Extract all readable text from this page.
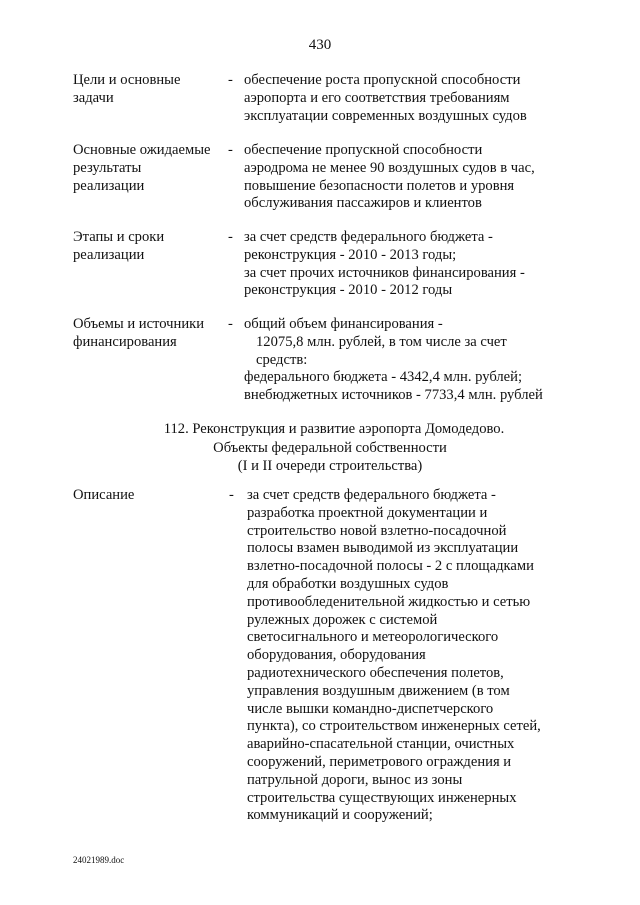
430
Цели и основные
задачи
- обеспечение роста пропускной способности
аэропорта и его соответствия требованиям
эксплуатации современных воздушных судов
Основные ожидаемые
результаты
реализации
- обеспечение пропускной способности
аэродрома не менее 90 воздушных судов в час,
повышение безопасности полетов и уровня
обслуживания пассажиров и клиентов
Этапы и сроки
реализации
- за счет средств федерального бюджета -
реконструкция - 2010 - 2013 годы;
за счет прочих источников финансирования -
реконструкция - 2010 - 2012 годы
Объемы и источники
финансирования
- общий объем финансирования -
12075,8 млн. рублей, в том числе за счет
средств:
федерального бюджета - 4342,4 млн. рублей;
внебюджетных источников - 7733,4 млн. рублей
112. Реконструкция и развитие аэропорта Домодедово.
Объекты федеральной собственности
(I и II очереди строительства)
Описание	- за счет средств федерального бюджета -
разработка проектной документации и
строительство новой взлетно-посадочной
полосы взамен выводимой из эксплуатации
взлетно-посадочной полосы - 2 с площадками
для обработки воздушных судов
противообледенительной жидкостью и сетью
рулежных дорожек с системой
светосигнального и метеорологического
оборудования, оборудования
радиотехнического обеспечения полетов,
управления воздушным движением (в том
числе вышки командно-диспетчерского
пункта), со строительством инженерных сетей,
аварийно-спасательной станции, очистных
сооружений, периметрового ограждения и
патрульной дороги, вынос из зоны
строительства существующих инженерных
коммуникаций и сооружений;
24021989.doc
